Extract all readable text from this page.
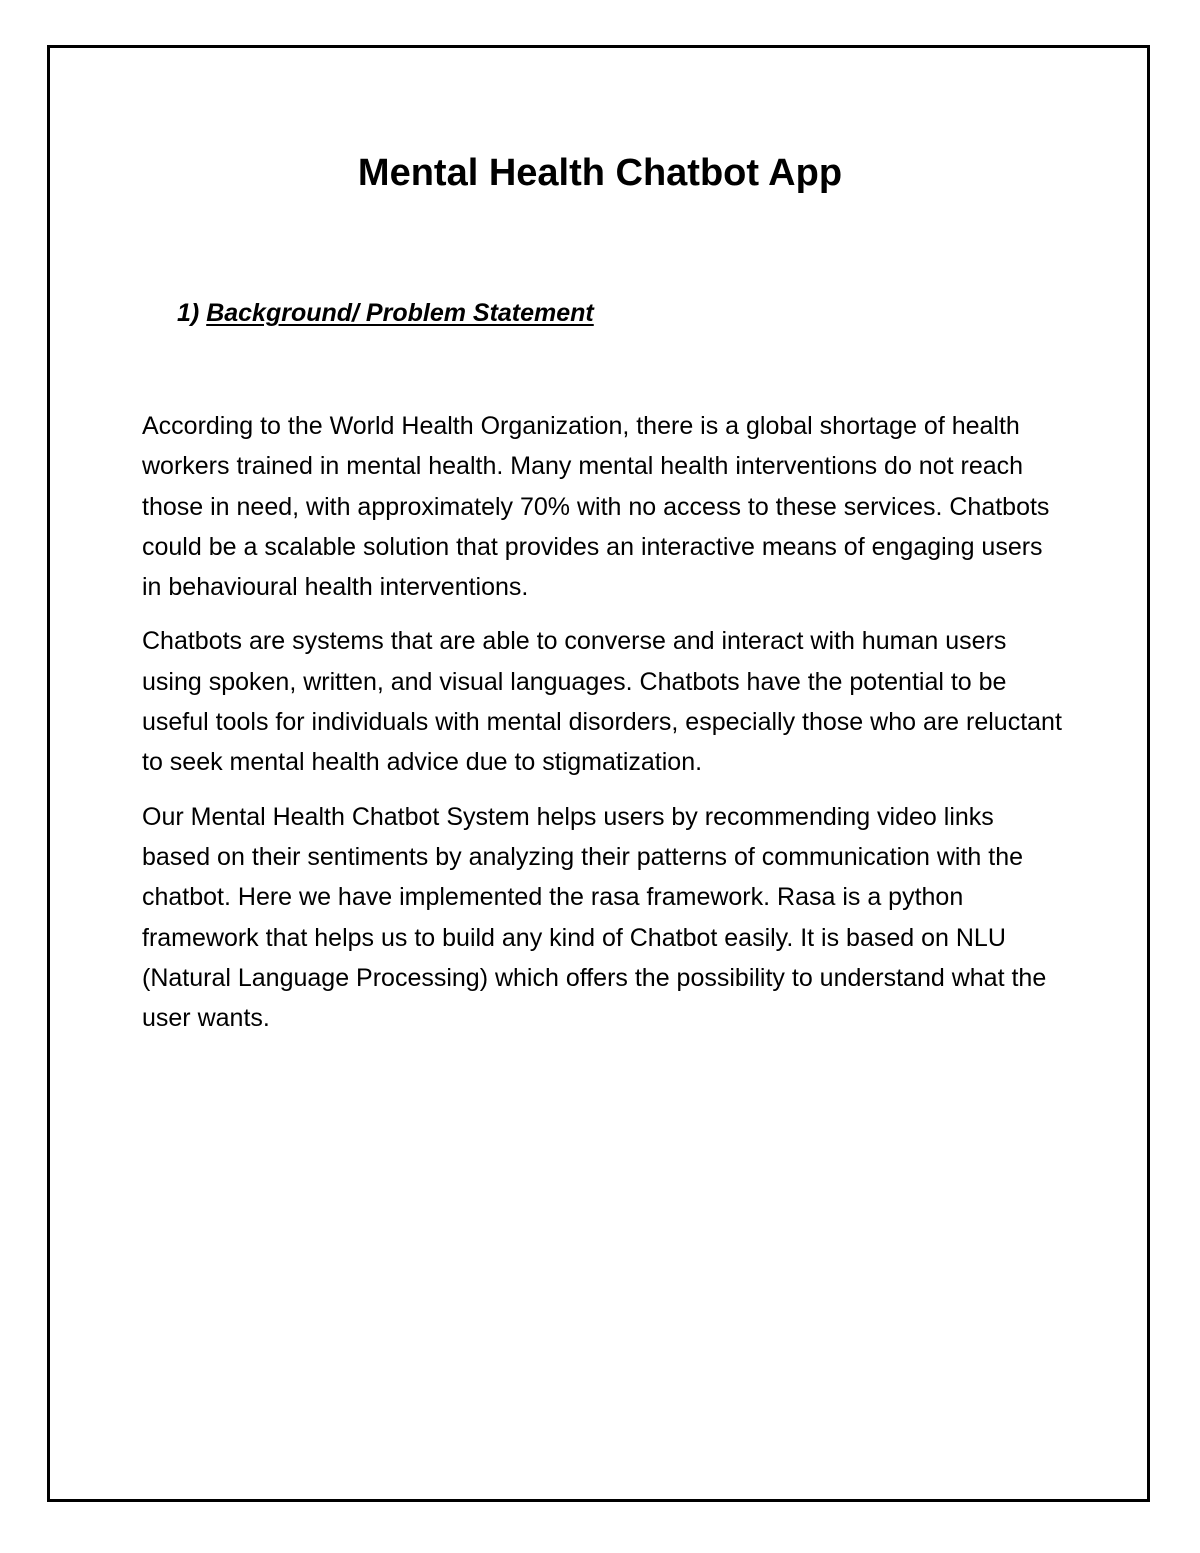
Mental Health Chatbot App
1) Background/ Problem Statement

According to the World Health Organization, there is a global shortage of health workers trained in mental health. Many mental health interventions do not reach those in need, with approximately 70% with no access to these services. Chatbots could be a scalable solution that provides an interactive means of engaging users in behavioural health interventions.

Chatbots are systems that are able to converse and interact with human users using spoken, written, and visual languages. Chatbots have the potential to be useful tools for individuals with mental disorders, especially those who are reluctant to seek mental health advice due to stigmatization.

Our Mental Health Chatbot System helps users by recommending video links based on their sentiments by analyzing their patterns of communication with the chatbot. Here we have implemented the rasa framework. Rasa is a python framework that helps us to build any kind of Chatbot easily. It is based on NLU (Natural Language Processing) which offers the possibility to understand what the user wants.
